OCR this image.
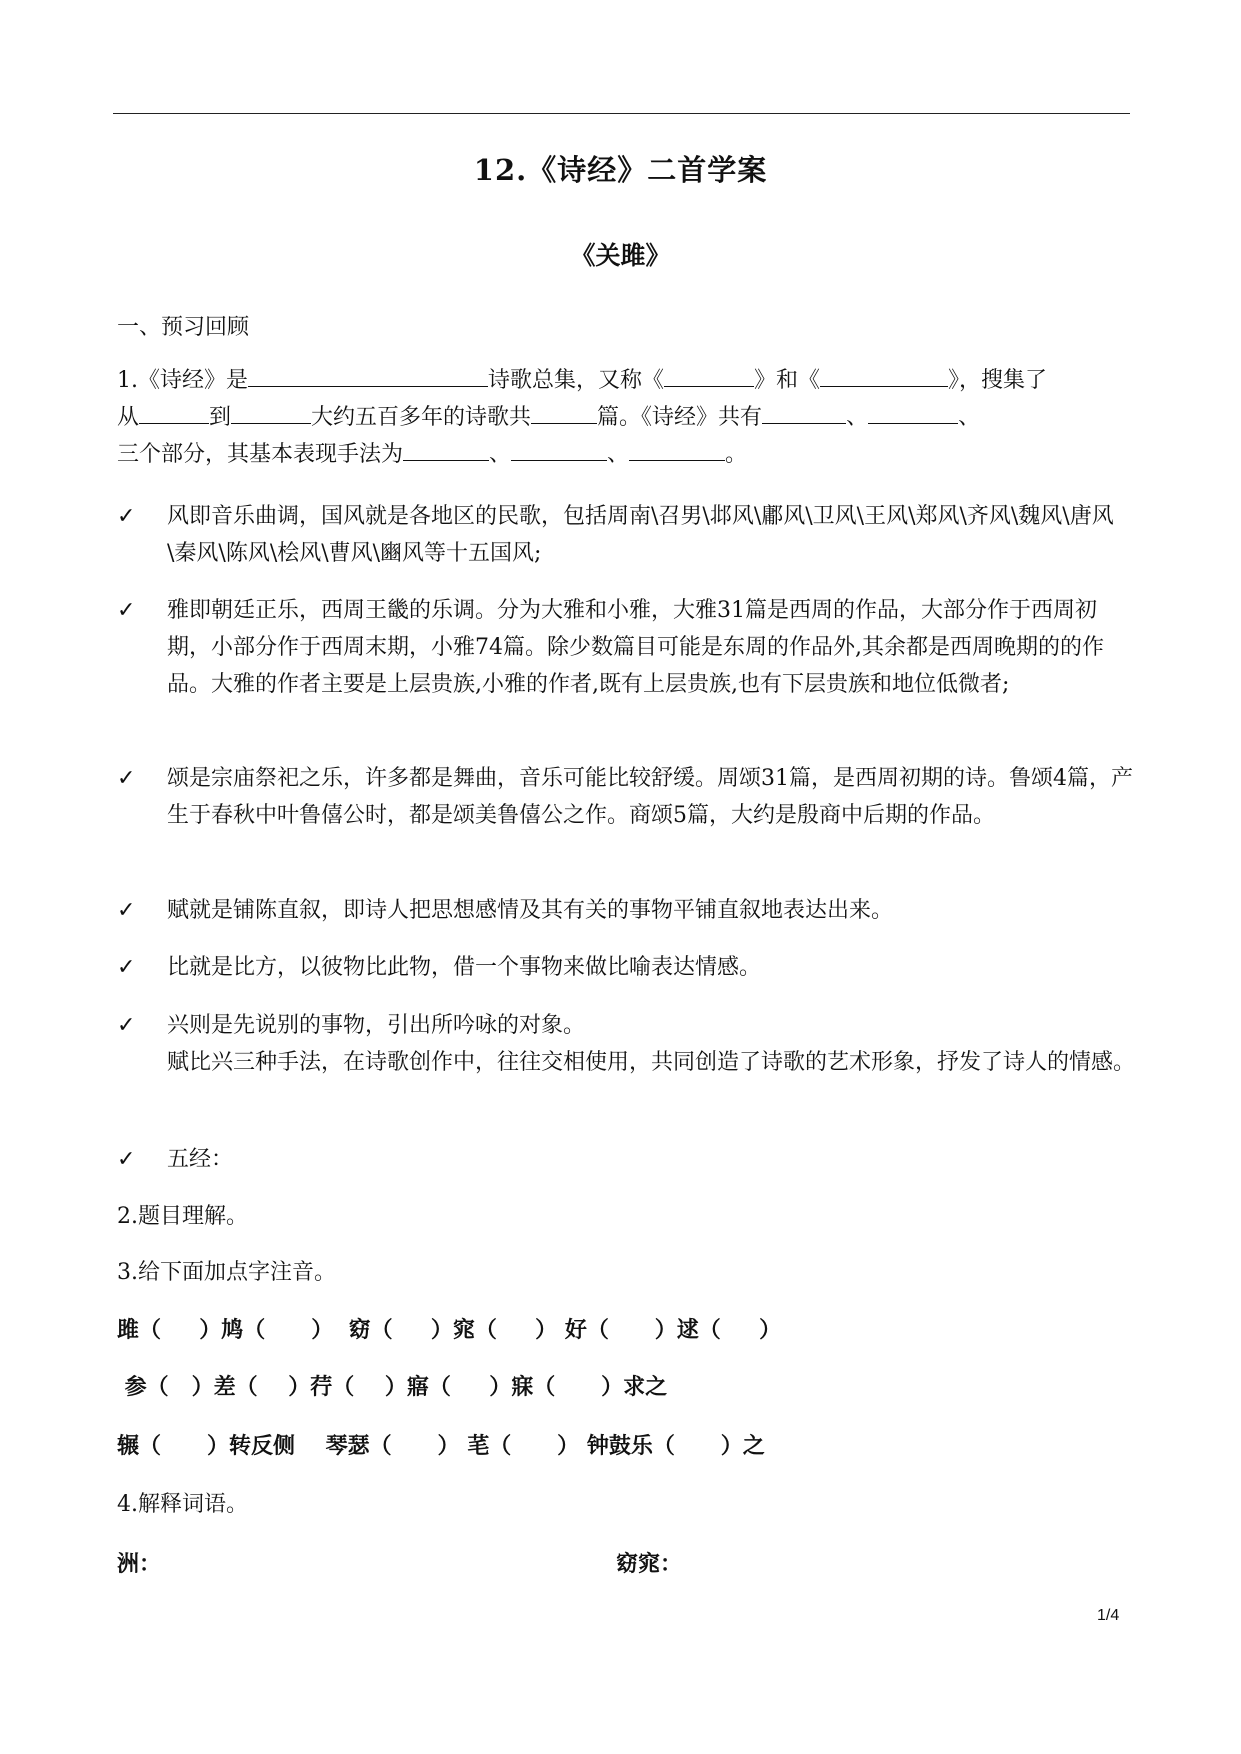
12.《诗经》二首学案
《关雎》
一、预习回顾
1.《诗经》是	诗歌总集，又称《	》和《	》，搜集了
从	到	大约五百多年的诗歌共	篇。《诗经》共有	、	、
三个部分，其基本表现手法为	、	、	。
✓	风即音乐曲调，国风就是各地区的民歌，包括周南\召男\邶风\鄘风\卫风\王风\郑风\齐风\魏风\唐风\秦风\陈风\桧风\曹风\豳风等十五国风;
✓	雅即朝廷正乐，西周王畿的乐调。分为大雅和小雅，大雅31篇是西周的作品，大部分作于西周初期，小部分作于西周末期，小雅74篇。除少数篇目可能是东周的作品外,其余都是西周晚期的的作品。大雅的作者主要是上层贵族,小雅的作者,既有上层贵族,也有下层贵族和地位低微者;
✓	颂是宗庙祭祀之乐，许多都是舞曲，音乐可能比较舒缓。周颂31篇，是西周初期的诗。鲁颂4篇，产生于春秋中叶鲁僖公时，都是颂美鲁僖公之作。商颂5篇，大约是殷商中后期的作品。
✓	赋就是铺陈直叙，即诗人把思想感情及其有关的事物平铺直叙地表达出来。
✓	比就是比方，以彼物比此物，借一个事物来做比喻表达情感。
✓	兴则是先说别的事物，引出所吟咏的对象。
赋比兴三种手法，在诗歌创作中，往往交相使用，共同创造了诗歌的艺术形象，抒发了诗人的情感。
✓	五经：
2.题目理解。
3.给下面加点字注音。
雎（     ）鸠（      ）  窈（     ）窕（     ） 好（      ）逑（     ）
参（   ）差（    ）荇（    ）寤（     ）寐（      ）求之
辗（      ）转反侧    琴瑟（      ） 芼（      ） 钟鼓乐（      ）之
4.解释词语。
洲：	窈窕：
1/4
